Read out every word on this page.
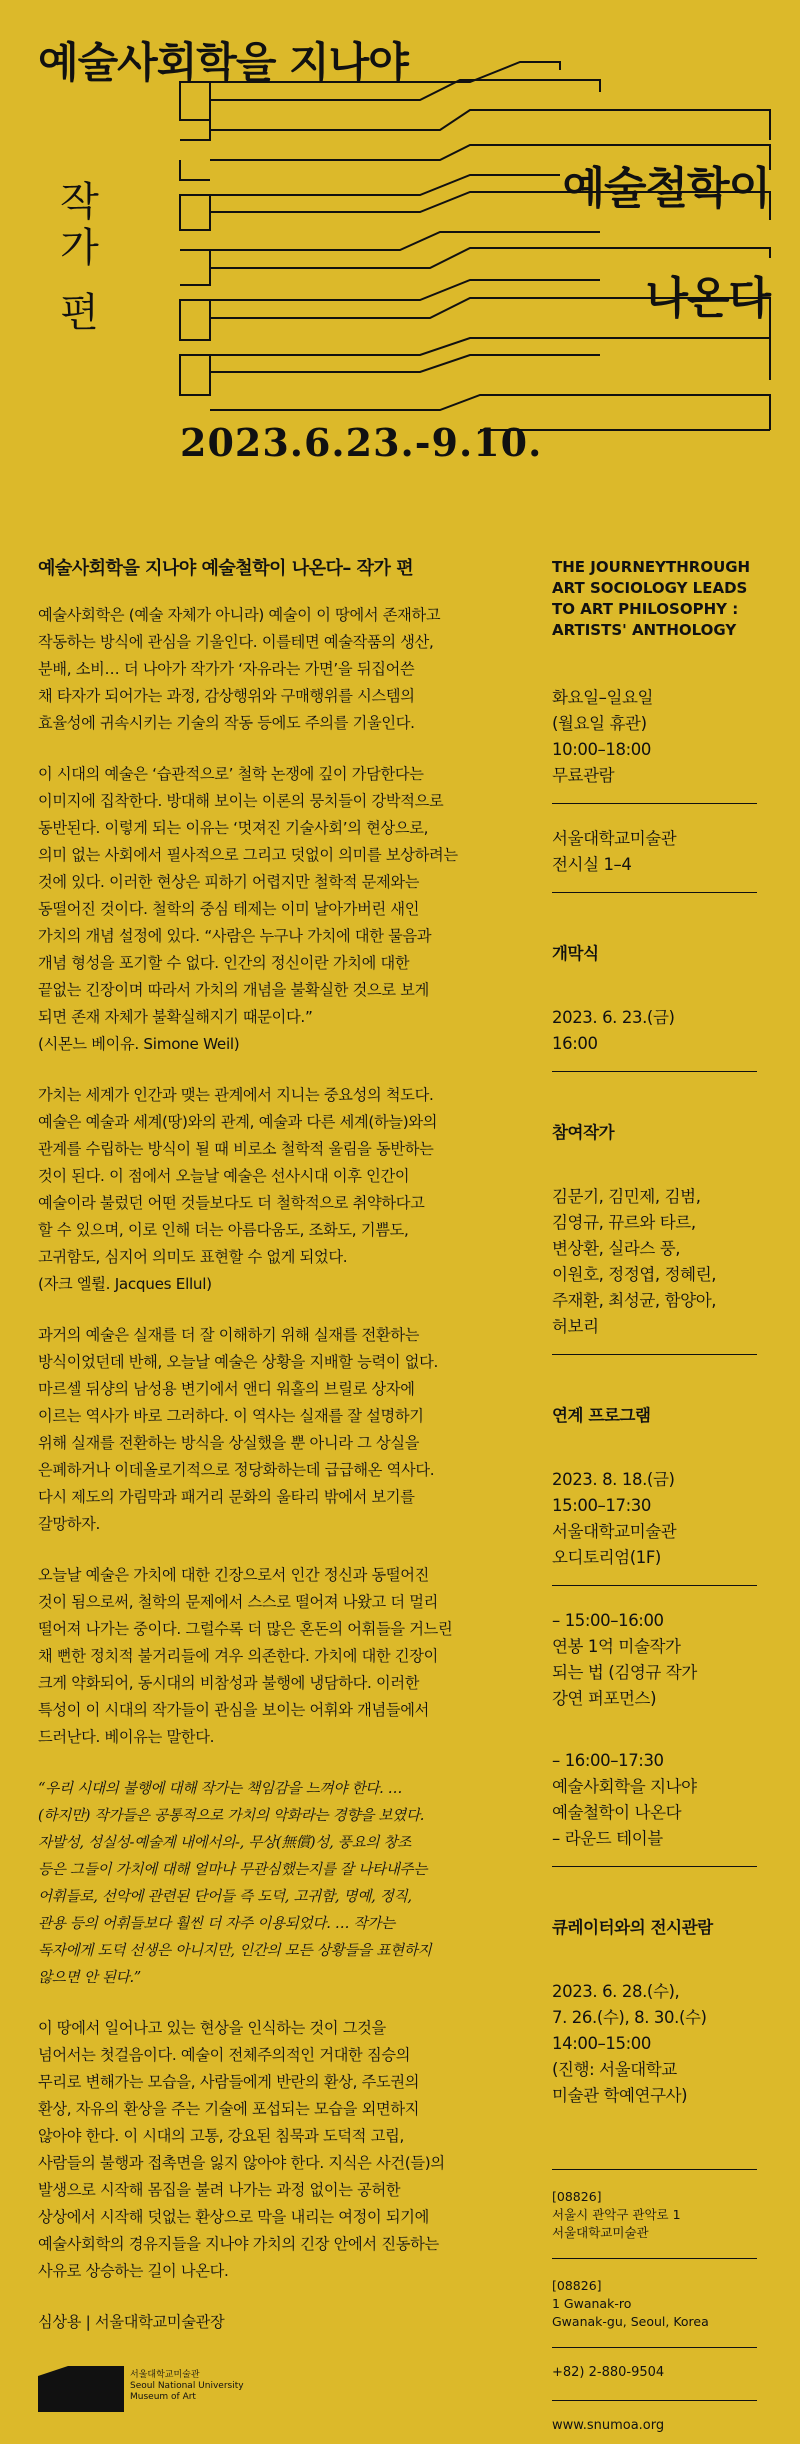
예술사회학을 지나야
예술철학이
나온다
작가 편
2023.6.23.-9.10.
예술사회학을 지나야 예술철학이 나온다– 작가 편

예술사회학은 (예술 자체가 아니라) 예술이 이 땅에서 존재하고
작동하는 방식에 관심을 기울인다. 이를테면 예술작품의 생산,
분배, 소비… 더 나아가 작가가 ‘자유라는 가면’을 뒤집어쓴
채 타자가 되어가는 과정, 감상행위와 구매행위를 시스템의
효율성에 귀속시키는 기술의 작동 등에도 주의를 기울인다.

이 시대의 예술은 ‘습관적으로’ 철학 논쟁에 깊이 가담한다는
이미지에 집착한다. 방대해 보이는 이론의 뭉치들이 강박적으로
동반된다. 이렇게 되는 이유는 ‘멋져진 기술사회’의 현상으로,
의미 없는 사회에서 필사적으로 그리고 덧없이 의미를 보상하려는
것에 있다. 이러한 현상은 피하기 어렵지만 철학적 문제와는
동떨어진 것이다. 철학의 중심 테제는 이미 날아가버린 새인
가치의 개념 설정에 있다. “사람은 누구나 가치에 대한 물음과
개념 형성을 포기할 수 없다. 인간의 정신이란 가치에 대한
끝없는 긴장이며 따라서 가치의 개념을 불확실한 것으로 보게
되면 존재 자체가 불확실해지기 때문이다.”
(시몬느 베이유. Simone Weil)

가치는 세계가 인간과 맺는 관계에서 지니는 중요성의 척도다.
예술은 예술과 세계(땅)와의 관계, 예술과 다른 세계(하늘)와의
관계를 수립하는 방식이 될 때 비로소 철학적 울림을 동반하는
것이 된다. 이 점에서 오늘날 예술은 선사시대 이후 인간이
예술이라 불렀던 어떤 것들보다도 더 철학적으로 취약하다고
할 수 있으며, 이로 인해 더는 아름다움도, 조화도, 기쁨도,
고귀함도, 심지어 의미도 표현할 수 없게 되었다.
(자크 엘륄. Jacques Ellul)

과거의 예술은 실재를 더 잘 이해하기 위해 실재를 전환하는
방식이었던데 반해, 오늘날 예술은 상황을 지배할 능력이 없다.
마르셀 뒤샹의 남성용 변기에서 앤디 워홀의 브릴로 상자에
이르는 역사가 바로 그러하다. 이 역사는 실재를 잘 설명하기
위해 실재를 전환하는 방식을 상실했을 뿐 아니라 그 상실을
은폐하거나 이데올로기적으로 정당화하는데 급급해온 역사다.
다시 제도의 가림막과 패거리 문화의 울타리 밖에서 보기를
갈망하자.

오늘날 예술은 가치에 대한 긴장으로서 인간 정신과 동떨어진
것이 됨으로써, 철학의 문제에서 스스로 떨어져 나왔고 더 멀리
떨어져 나가는 중이다. 그럴수록 더 많은 혼돈의 어휘들을 거느린
채 뻔한 정치적 불거리들에 겨우 의존한다. 가치에 대한 긴장이
크게 약화되어, 동시대의 비참성과 불행에 냉담하다. 이러한
특성이 이 시대의 작가들이 관심을 보이는 어휘와 개념들에서
드러난다. 베이유는 말한다.

“우리 시대의 불행에 대해 작가는 책임감을 느껴야 한다. …
(하지만) 작가들은 공통적으로 가치의 악화라는 경향을 보였다.
자발성, 성실성-예술계 내에서의-, 무상(無償)성, 풍요의 창조
등은 그들이 가치에 대해 얼마나 무관심했는지를 잘 나타내주는
어휘들로, 선악에 관련된 단어들 즉 도덕, 고귀함, 명예, 정직,
관용 등의 어휘들보다 훨씬 더 자주 이용되었다. … 작가는
독자에게 도덕 선생은 아니지만, 인간의 모든 상황들을 표현하지
않으면 안 된다.”

이 땅에서 일어나고 있는 현상을 인식하는 것이 그것을
넘어서는 첫걸음이다. 예술이 전체주의적인 거대한 짐승의
무리로 변해가는 모습을, 사람들에게 반란의 환상, 주도권의
환상, 자유의 환상을 주는 기술에 포섭되는 모습을 외면하지
않아야 한다. 이 시대의 고통, 강요된 침묵과 도덕적 고립,
사람들의 불행과 접촉면을 잃지 않아야 한다. 지식은 사건(들)의
발생으로 시작해 몸집을 불려 나가는 과정 없이는 공허한
상상에서 시작해 덧없는 환상으로 막을 내리는 여정이 되기에
예술사회학의 경유지들을 지나야 가치의 긴장 안에서 진동하는
사유로 상승하는 길이 나온다.

심상용 | 서울대학교미술관장

THE JOURNEYTHROUGH
ART SOCIOLOGY LEADS
TO ART PHILOSOPHY :
ARTISTS' ANTHOLOGY
화요일–일요일
(월요일 휴관)
10:00–18:00
무료관람
서울대학교미술관
전시실 1–4

개막식

2023. 6. 23.(금)
16:00

참여작가

김문기, 김민제, 김범,
김영규, 뀨르와 타르,
변상환, 실라스 풍,
이원호, 정정엽, 정혜린,
주재환, 최성균, 함양아,
허보리

연계 프로그램

2023. 8. 18.(금)
15:00–17:30
서울대학교미술관
오디토리엄(1F)

– 15:00–16:00
연봉 1억 미술작가
되는 법 (김영규 작가
강연 퍼포먼스)
– 16:00–17:30
예술사회학을 지나야
예술철학이 나온다
– 라운드 테이블

큐레이터와의 전시관람

2023. 6. 28.(수),
7. 26.(수), 8. 30.(수)
14:00–15:00
(진행: 서울대학교
미술관 학예연구사)

[08826]
서울시 관악구 관악로 1
서울대학교미술관
[08826]
1 Gwanak-ro
Gwanak-gu, Seoul, Korea
+82) 2-880-9504
www.snumoa.org
서울대학교미술관
Seoul National University
Museum of Art
